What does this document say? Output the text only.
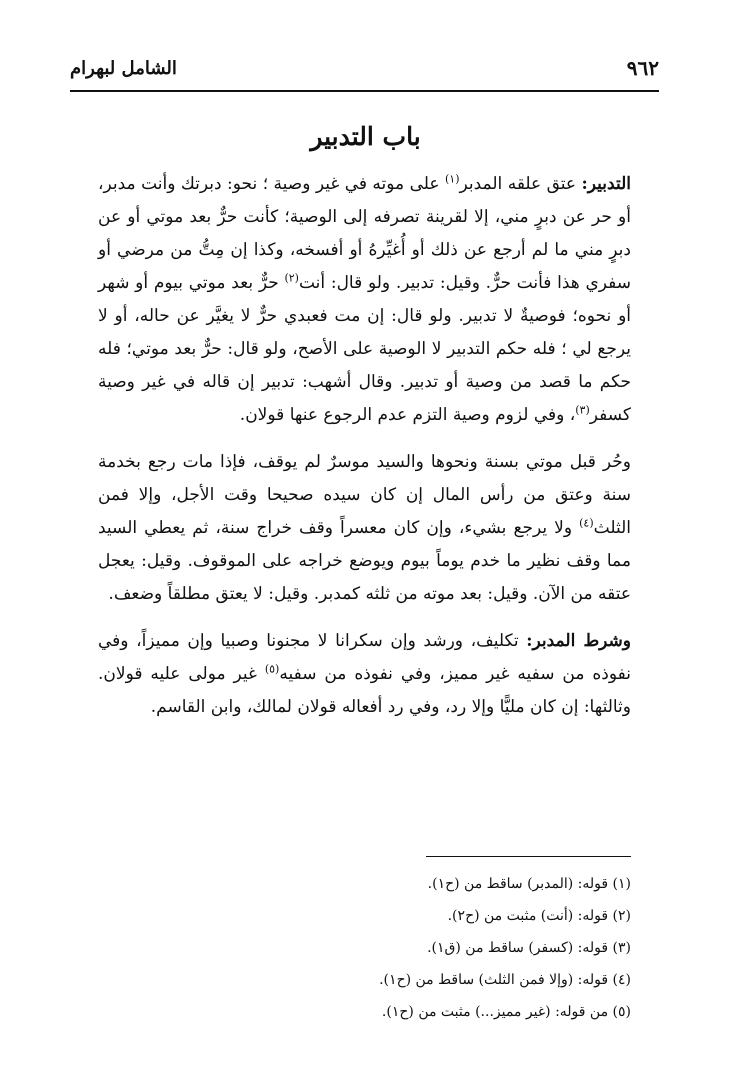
٩٦٢
الشامل لبهرام
باب التدبير

التدبير: عتق علقه المدبر$^{(١)}$ على موته في غير وصية ؛ نحو: دبرتك وأنت مدبر، أو حر عن دبرٍ مني، إلا لقرينة تصرفه إلى الوصية؛ كأنت حرٌّ بعد موتي أو عن دبرٍ مني ما لم أرجع عن ذلك أو أُغيِّرهُ أو أفسخه، وكذا إن مِتُّ من مرضي أو سفري هذا فأنت حرٌّ. وقيل: تدبير. ولو قال: أنت$^{(٢)}$ حرٌّ بعد موتي بيوم أو شهر أو نحوه؛ فوصيةٌ لا تدبير. ولو قال: إن مت فعبدي حرٌّ لا يغيَّر عن حاله، أو لا يرجع لي ؛ فله حكم التدبير لا الوصية على الأصح، ولو قال: حرٌّ بعد موتي؛ فله حكم ما قصد من وصية أو تدبير. وقال أشهب: تدبير إن قاله في غير وصية كسفر$^{(٣)}$، وفي لزوم وصية التزم عدم الرجوع عنها قولان.

وحُر قبل موتي بسنة ونحوها والسيد موسرٌ لم يوقف، فإذا مات رجع بخدمة سنة وعتق من رأس المال إن كان سيده صحيحا وقت الأجل، وإلا فمن الثلث$^{(٤)}$ ولا يرجع بشيء، وإن كان معسراً وقف خراج سنة، ثم يعطي السيد مما وقف نظير ما خدم يوماً بيوم ويوضع خراجه على الموقوف. وقيل: يعجل عتقه من الآن. وقيل: بعد موته من ثلثه كمدبر. وقيل: لا يعتق مطلقاً وضعف.

وشرط المدبر: تكليف، ورشد وإن سكرانا لا مجنونا وصبيا وإن مميزاً، وفي نفوذه من سفيه غير مميز، وفي نفوذه من سفيه$^{(٥)}$ غير مولى عليه قولان. وثالثها: إن كان مليًّا وإلا رد، وفي رد أفعاله قولان لمالك، وابن القاسم.

(١) قوله: (المدبر) ساقط من (ح١).
(٢) قوله: (أنت) مثبت من (ح٢).
(٣) قوله: (كسفر) ساقط من (ق١).
(٤) قوله: (وإلا فمن الثلث) ساقط من (ح١).
(٥) من قوله: (غير مميز...) مثبت من (ح١).
